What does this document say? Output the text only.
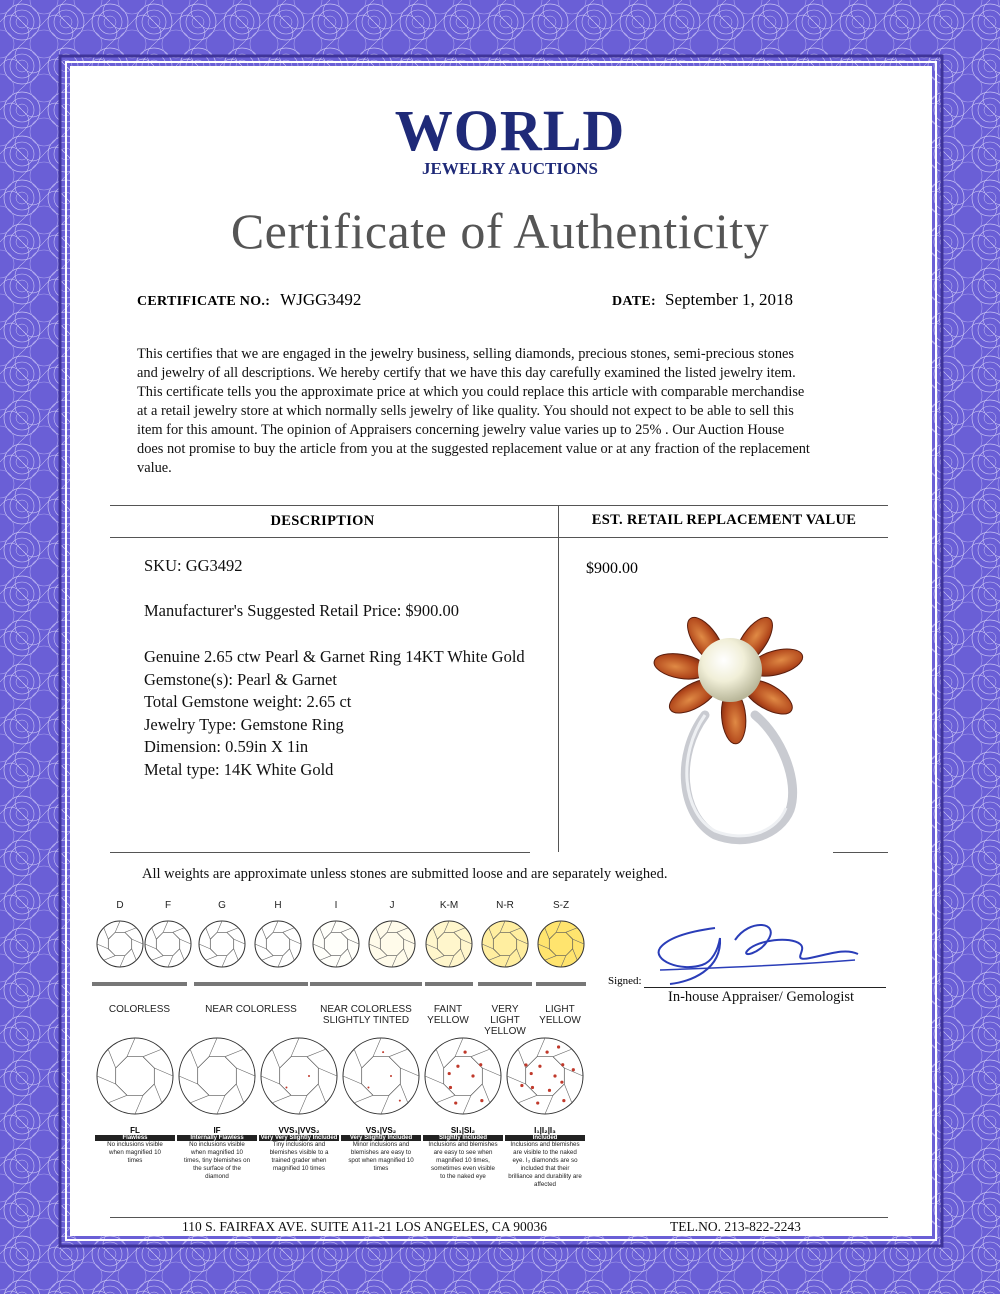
WORLD
JEWELRY AUCTIONS
Certificate of Authenticity
CERTIFICATE NO.: WJGG3492	DATE: September 1, 2018
This certifies that we are engaged in the jewelry business, selling diamonds, precious stones, semi-precious stones
and jewelry of all descriptions. We hereby certify that we have this day carefully examined the listed jewelry item.
This certificate tells you the approximate price at which you could replace this article with comparable merchandise
at a retail jewelry store at which normally sells jewelry of like quality. You should not expect to be able to sell this
item for this amount. The opinion of Appraisers concerning jewelry value varies up to 25% . Our Auction House
does not promise to buy the article from you at the suggested replacement value or at any fraction of the replacement
value.
DESCRIPTION	EST. RETAIL REPLACEMENT VALUE
SKU: GG3492
Manufacturer's Suggested Retail Price: $900.00
Genuine 2.65 ctw Pearl & Garnet Ring 14KT White Gold
Gemstone(s): Pearl & Garnet
Total Gemstone weight: 2.65 ct
Jewelry Type: Gemstone Ring
Dimension: 0.59in X 1in
Metal type: 14K White Gold
$900.00
All weights are approximate unless stones are submitted loose and are separately weighed.
D	F	G	H	I	J	K-M	N-R	S-Z
COLORLESS	NEAR COLORLESS	NEAR COLORLESS
SLIGHTLY TINTED
FAINT
YELLOW
VERY LIGHT
YELLOW
LIGHT
YELLOW
FL
Flawless
No inclusions visible
when magnified 10
times
IF
Internally Flawless
No inclusions visible
when magnified 10
times, tiny blemishes on
the surface of the
diamond
VVS₁|VVS₂
Very Very Slightly Included
Tiny inclusions and
blemishes visible to a
trained grader when
magnified 10 times
VS₁|VS₂
Very Slightly Included
Minor inclusions and
blemishes are easy to
spot when magnified 10
times
SI₁|SI₂
Slightly Included
Inclusions and blemishes
are easy to see when
magnified 10 times,
sometimes even visible
to the naked eye
I₁|I₂|I₃
Included
Inclusions and blemishes
are visible to the naked
eye. I₃ diamonds are so
included that their
brilliance and durability are affected
Signed:
In-house Appraiser/ Gemologist
110 S. FAIRFAX AVE. SUITE A11-21 LOS ANGELES, CA 90036	TEL.NO. 213-822-2243
